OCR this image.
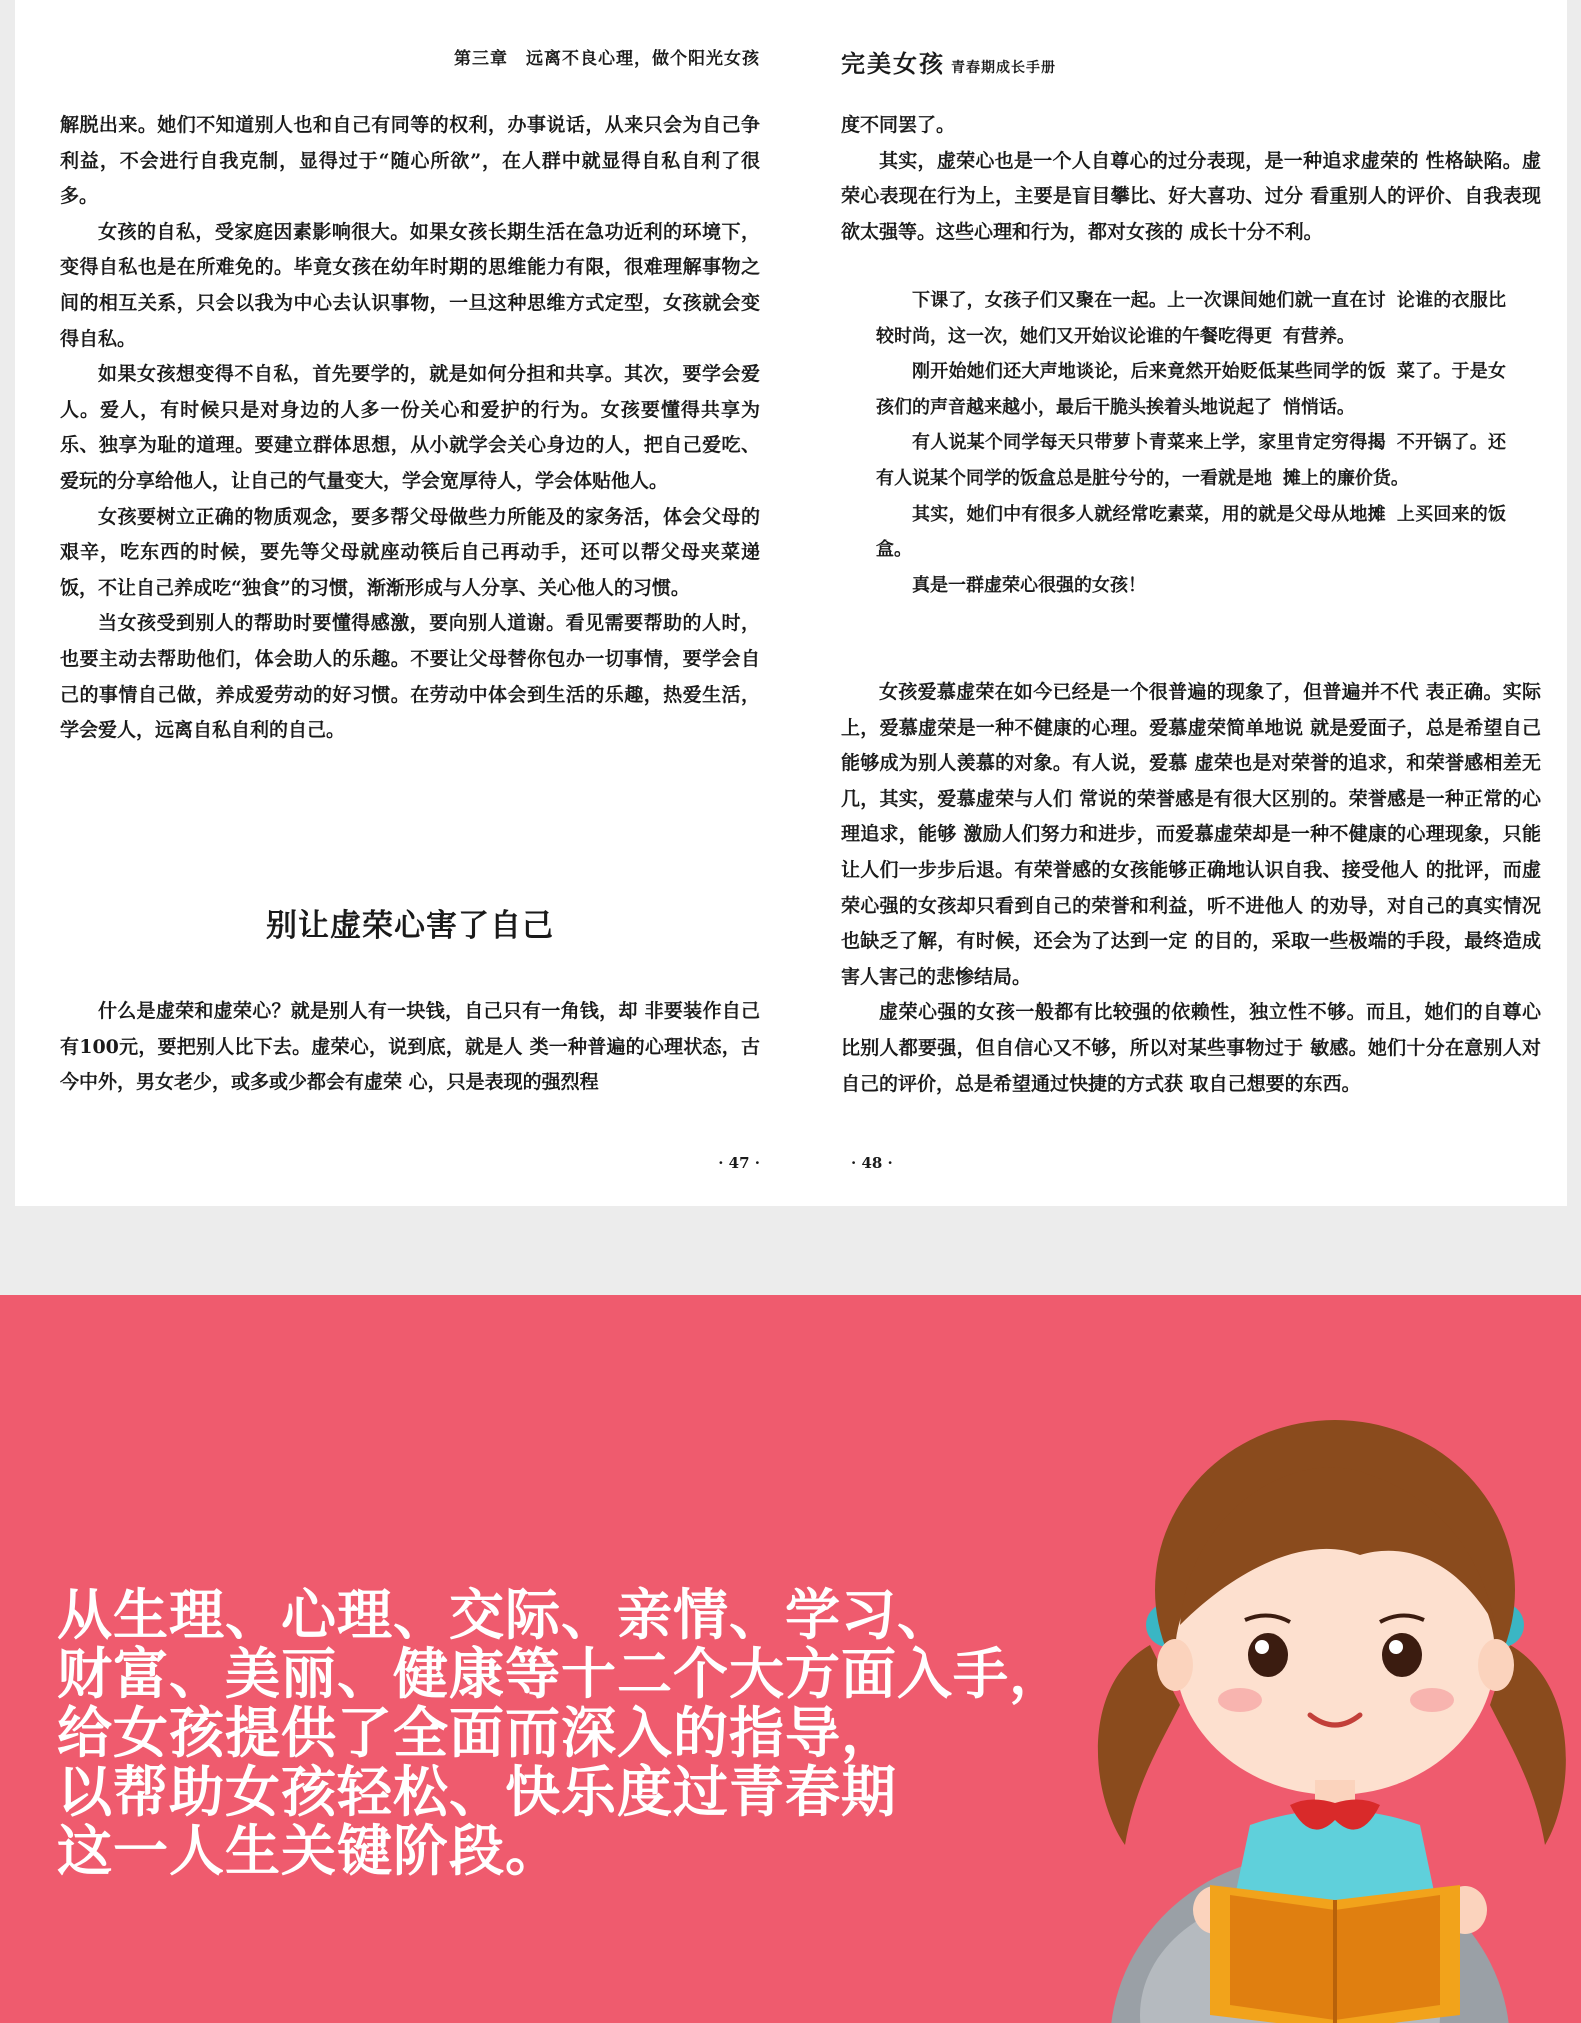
第三章　远离不良心理，做个阳光女孩

解脱出来。她们不知道别人也和自己有同等的权利，办事说话，从来只会为自己争利益，不会进行自我克制，显得过于“随心所欲”，在人群中就显得自私自利了很多。

女孩的自私，受家庭因素影响很大。如果女孩长期生活在急功近利的环境下，变得自私也是在所难免的。毕竟女孩在幼年时期的思维能力有限，很难理解事物之间的相互关系，只会以我为中心去认识事物，一旦这种思维方式定型，女孩就会变得自私。

如果女孩想变得不自私，首先要学的，就是如何分担和共享。其次，要学会爱人。爱人，有时候只是对身边的人多一份关心和爱护的行为。女孩要懂得共享为乐、独享为耻的道理。要建立群体思想，从小就学会关心身边的人，把自己爱吃、爱玩的分享给他人，让自己的气量变大，学会宽厚待人，学会体贴他人。

女孩要树立正确的物质观念，要多帮父母做些力所能及的家务活，体会父母的艰辛，吃东西的时候，要先等父母就座动筷后自己再动手，还可以帮父母夹菜递饭，不让自己养成吃“独食”的习惯，渐渐形成与人分享、关心他人的习惯。

当女孩受到别人的帮助时要懂得感激，要向别人道谢。看见需要帮助的人时，也要主动去帮助他们，体会助人的乐趣。不要让父母替你包办一切事情，要学会自己的事情自己做，养成爱劳动的好习惯。在劳动中体会到生活的乐趣，热爱生活，学会爱人，远离自私自利的自己。

别让虚荣心害了自己

什么是虚荣和虚荣心？就是别人有一块钱，自己只有一角钱，却 非要装作自己有100元，要把别人比下去。虚荣心，说到底，就是人 类一种普遍的心理状态，古今中外，男女老少，或多或少都会有虚荣 心，只是表现的强烈程

· 47 ·
完美女孩 青春期成长手册

度不同罢了。

其实，虚荣心也是一个人自尊心的过分表现，是一种追求虚荣的 性格缺陷。虚荣心表现在行为上，主要是盲目攀比、好大喜功、过分 看重别人的评价、自我表现欲太强等。这些心理和行为，都对女孩的 成长十分不利。

下课了，女孩子们又聚在一起。上一次课间她们就一直在讨 论谁的衣服比较时尚，这一次，她们又开始议论谁的午餐吃得更 有营养。

刚开始她们还大声地谈论，后来竟然开始贬低某些同学的饭 菜了。于是女孩们的声音越来越小，最后干脆头挨着头地说起了 悄悄话。

有人说某个同学每天只带萝卜青菜来上学，家里肯定穷得揭 不开锅了。还有人说某个同学的饭盒总是脏兮兮的，一看就是地 摊上的廉价货。

其实，她们中有很多人就经常吃素菜，用的就是父母从地摊 上买回来的饭盒。

真是一群虚荣心很强的女孩！

女孩爱慕虚荣在如今已经是一个很普遍的现象了，但普遍并不代 表正确。实际上，爱慕虚荣是一种不健康的心理。爱慕虚荣简单地说 就是爱面子，总是希望自己能够成为别人羡慕的对象。有人说，爱慕 虚荣也是对荣誉的追求，和荣誉感相差无几，其实，爱慕虚荣与人们 常说的荣誉感是有很大区别的。荣誉感是一种正常的心理追求，能够 激励人们努力和进步，而爱慕虚荣却是一种不健康的心理现象，只能 让人们一步步后退。有荣誉感的女孩能够正确地认识自我、接受他人 的批评，而虚荣心强的女孩却只看到自己的荣誉和利益，听不进他人 的劝导，对自己的真实情况也缺乏了解，有时候，还会为了达到一定 的目的，采取一些极端的手段，最终造成害人害己的悲惨结局。

虚荣心强的女孩一般都有比较强的依赖性，独立性不够。而且，她们的自尊心比别人都要强，但自信心又不够，所以对某些事物过于 敏感。她们十分在意别人对自己的评价，总是希望通过快捷的方式获 取自己想要的东西。

· 48 ·
从生理、心理、交际、亲情、学习、
财富、美丽、健康等十二个大方面入手，
给女孩提供了全面而深入的指导，
以帮助女孩轻松、快乐度过青春期
这一人生关键阶段。
